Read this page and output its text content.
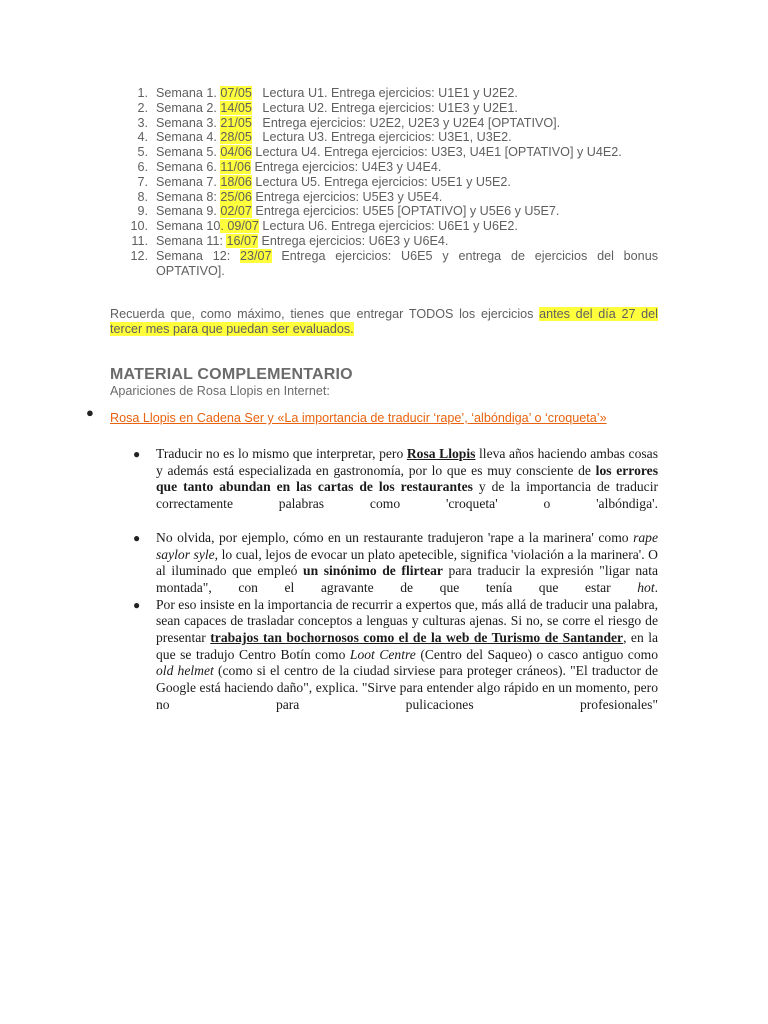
1. Semana 1. 07/05   Lectura U1. Entrega ejercicios: U1E1 y U2E2.
2. Semana 2. 14/05   Lectura U2. Entrega ejercicios: U1E3 y U2E1.
3. Semana 3. 21/05   Entrega ejercicios: U2E2, U2E3 y U2E4 [OPTATIVO].
4. Semana 4. 28/05   Lectura U3. Entrega ejercicios: U3E1, U3E2.
5. Semana 5. 04/06 Lectura U4. Entrega ejercicios: U3E3, U4E1 [OPTATIVO] y U4E2.
6. Semana 6. 11/06 Entrega ejercicios: U4E3 y U4E4.
7. Semana 7. 18/06 Lectura U5. Entrega ejercicios: U5E1 y U5E2.
8. Semana 8: 25/06 Entrega ejercicios: U5E3 y U5E4.
9. Semana 9. 02/07 Entrega ejercicios: U5E5 [OPTATIVO] y U5E6 y U5E7.
10. Semana 10. 09/07 Lectura U6. Entrega ejercicios: U6E1 y U6E2.
11. Semana 11: 16/07 Entrega ejercicios: U6E3 y U6E4.
12. Semana 12: 23/07 Entrega ejercicios: U6E5 y entrega de ejercicios del bonus OPTATIVO].

Recuerda que, como máximo, tienes que entregar TODOS los ejercicios antes del día 27 del tercer mes para que puedan ser evaluados.

MATERIAL COMPLEMENTARIO

Apariciones de Rosa Llopis en Internet:

● Rosa Llopis en Cadena Ser y «La importancia de traducir ‘rape’, ‘albóndiga’ o ‘croqueta’»
● Traducir no es lo mismo que interpretar, pero Rosa Llopis lleva años haciendo ambas cosas y además está especializada en gastronomía, por lo que es muy consciente de los errores que tanto abundan en las cartas de los restaurantes y de la importancia de traducir correctamente palabras como 'croqueta' o 'albóndiga'.
● No olvida, por ejemplo, cómo en un restaurante tradujeron 'rape a la marinera' como rape saylor syle, lo cual, lejos de evocar un plato apetecible, significa 'violación a la marinera'. O al iluminado que empleó un sinónimo de flirtear para traducir la expresión "ligar nata montada", con el agravante de que tenía que estar hot.
● Por eso insiste en la importancia de recurrir a expertos que, más allá de traducir una palabra, sean capaces de trasladar conceptos a lenguas y culturas ajenas. Si no, se corre el riesgo de presentar trabajos tan bochornosos como el de la web de Turismo de Santander, en la que se tradujo Centro Botín como Loot Centre (Centro del Saqueo) o casco antiguo como old helmet (como si el centro de la ciudad sirviese para proteger cráneos). "El traductor de Google está haciendo daño", explica. "Sirve para entender algo rápido en un momento, pero no para pulicaciones profesionales"
